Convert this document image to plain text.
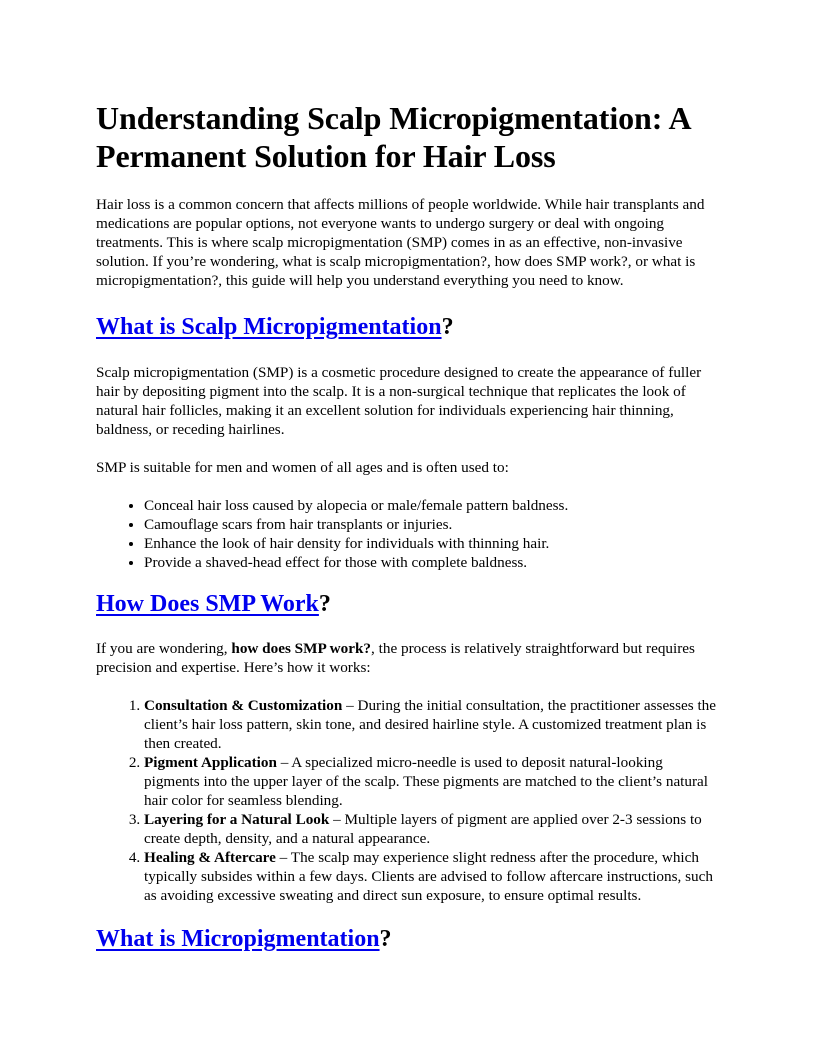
Understanding Scalp Micropigmentation: A Permanent Solution for Hair Loss

Hair loss is a common concern that affects millions of people worldwide. While hair transplants and medications are popular options, not everyone wants to undergo surgery or deal with ongoing treatments. This is where scalp micropigmentation (SMP) comes in as an effective, non-invasive solution. If you’re wondering, what is scalp micropigmentation?, how does SMP work?, or what is micropigmentation?, this guide will help you understand everything you need to know.

What is Scalp Micropigmentation?

Scalp micropigmentation (SMP) is a cosmetic procedure designed to create the appearance of fuller hair by depositing pigment into the scalp. It is a non-surgical technique that replicates the look of natural hair follicles, making it an excellent solution for individuals experiencing hair thinning, baldness, or receding hairlines.

SMP is suitable for men and women of all ages and is often used to:

• Conceal hair loss caused by alopecia or male/female pattern baldness.
• Camouflage scars from hair transplants or injuries.
• Enhance the look of hair density for individuals with thinning hair.
• Provide a shaved-head effect for those with complete baldness.
How Does SMP Work?

If you are wondering, how does SMP work?, the process is relatively straightforward but requires precision and expertise. Here’s how it works:

1. Consultation & Customization – During the initial consultation, the practitioner assesses the client’s hair loss pattern, skin tone, and desired hairline style. A customized treatment plan is then created.
2. Pigment Application – A specialized micro-needle is used to deposit natural-looking pigments into the upper layer of the scalp. These pigments are matched to the client’s natural hair color for seamless blending.
3. Layering for a Natural Look – Multiple layers of pigment are applied over 2-3 sessions to create depth, density, and a natural appearance.
4. Healing & Aftercare – The scalp may experience slight redness after the procedure, which typically subsides within a few days. Clients are advised to follow aftercare instructions, such as avoiding excessive sweating and direct sun exposure, to ensure optimal results.
What is Micropigmentation?
